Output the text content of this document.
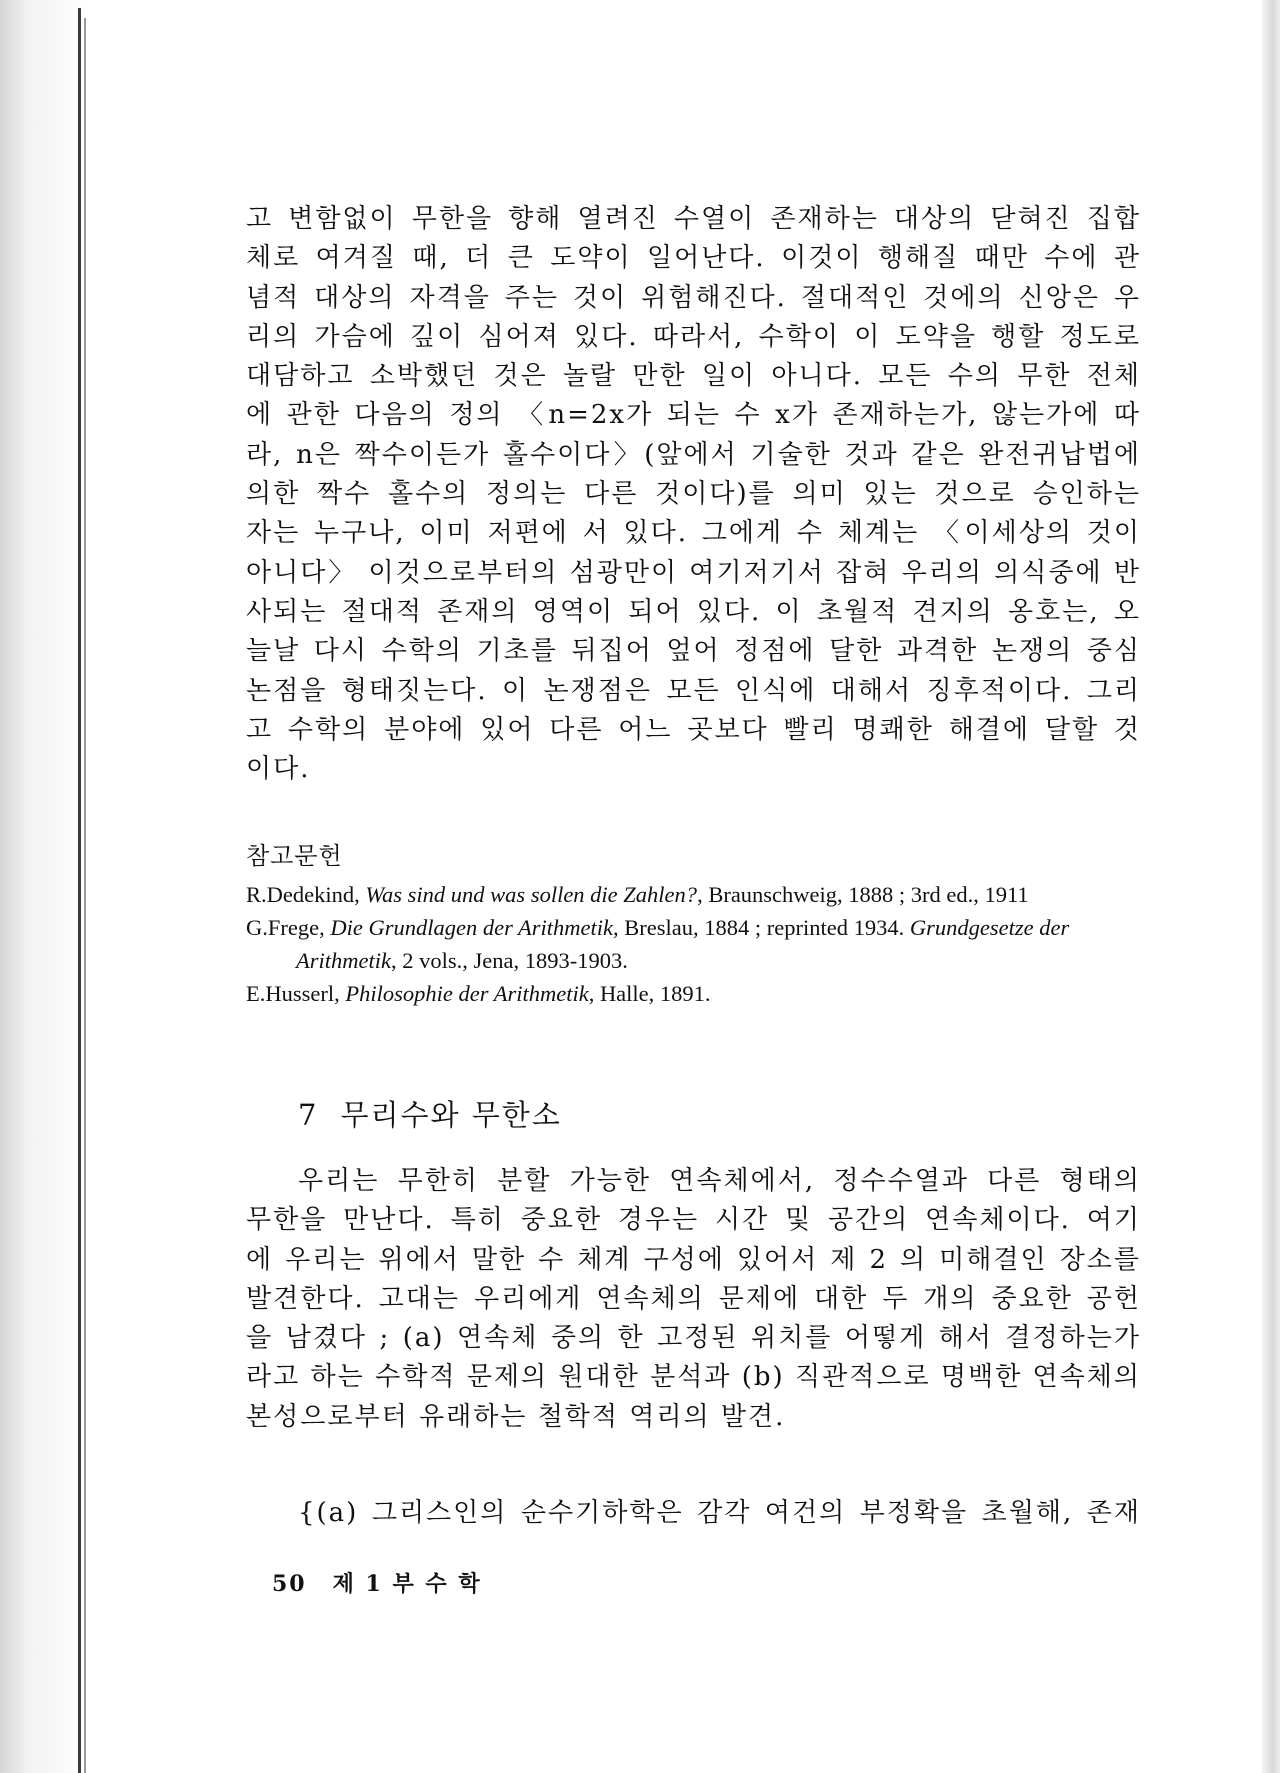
고 변함없이 무한을 향해 열려진 수열이 존재하는 대상의 닫혀진 집합
체로 여겨질 때, 더 큰 도약이 일어난다. 이것이 행해질 때만 수에 관
념적 대상의 자격을 주는 것이 위험해진다. 절대적인 것에의 신앙은 우
리의 가슴에 깊이 심어져 있다. 따라서, 수학이 이 도약을 행할 정도로
대담하고 소박했던 것은 놀랄 만한 일이 아니다. 모든 수의 무한 전체
에 관한 다음의 정의 〈n=2x가 되는 수 x가 존재하는가, 않는가에 따
라, n은 짝수이든가 홀수이다〉(앞에서 기술한 것과 같은 완전귀납법에
의한 짝수 홀수의 정의는 다른 것이다)를 의미 있는 것으로 승인하는
자는 누구나, 이미 저편에 서 있다. 그에게 수 체계는 〈이세상의 것이
아니다〉 이것으로부터의 섬광만이 여기저기서 잡혀 우리의 의식중에 반
사되는 절대적 존재의 영역이 되어 있다. 이 초월적 견지의 옹호는, 오
늘날 다시 수학의 기초를 뒤집어 엎어 정점에 달한 과격한 논쟁의 중심
논점을 형태짓는다. 이 논쟁점은 모든 인식에 대해서 징후적이다. 그리
고 수학의 분야에 있어 다른 어느 곳보다 빨리 명쾌한 해결에 달할 것
이다.

참고문헌
R.Dedekind, Was sind und was sollen die Zahlen?, Braunschweig, 1888 ; 3rd ed., 1911
G.Frege, Die Grundlagen der Arithmetik, Breslau, 1884 ; reprinted 1934. Grundgesetze der
Arithmetik, 2 vols., Jena, 1893-1903.
E.Husserl, Philosophie der Arithmetik, Halle, 1891.
7 무리수와 무한소

우리는 무한히 분할 가능한 연속체에서, 정수수열과 다른 형태의
무한을 만난다. 특히 중요한 경우는 시간 및 공간의 연속체이다. 여기
에 우리는 위에서 말한 수 체계 구성에 있어서 제 2 의 미해결인 장소를
발견한다. 고대는 우리에게 연속체의 문제에 대한 두 개의 중요한 공헌
을 남겼다 ; (a) 연속체 중의 한 고정된 위치를 어떻게 해서 결정하는가
라고 하는 수학적 문제의 원대한 분석과 (b) 직관적으로 명백한 연속체의
본성으로부터 유래하는 철학적 역리의 발견.

{(a) 그리스인의 순수기하학은 감각 여건의 부정확을 초월해, 존재

50 제 1 부 수 학
